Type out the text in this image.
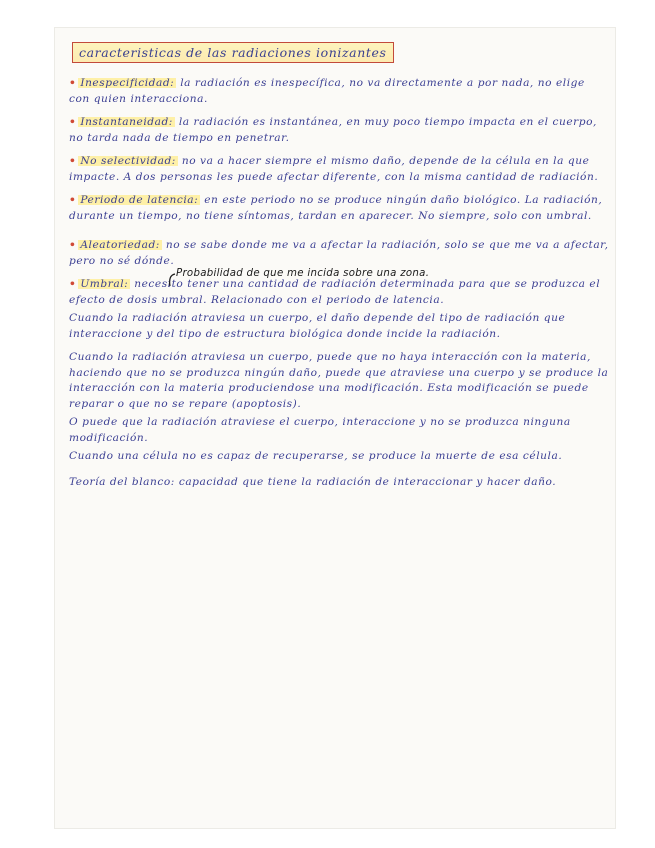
caracteristicas de las radiaciones ionizantes
• Inespecificidad: la radiación es inespecífica, no va directamente a por nada, no elige con quien interacciona.
• Instantaneidad: la radiación es instantánea, en muy poco tiempo impacta en el cuerpo, no tarda nada de tiempo en penetrar.
• No selectividad: no va a hacer siempre el mismo daño, depende de la célula en la que impacte. A dos personas les puede afectar diferente, con la misma cantidad de radiación.
• Periodo de latencia: en este periodo no se produce ningún daño biológico. La radiación, durante un tiempo, no tiene síntomas, tardan en aparecer. No siempre, solo con umbral.
• Aleatoriedad: no se sabe donde me va a afectar la radiación, solo se que me va a afectar, pero no sé dónde.
• Umbral: necesito tener una cantidad de radiación determinada para que se produzca el efecto de dosis umbral. Relacionado con el periodo de latencia.
Cuando la radiación atraviesa un cuerpo, el daño depende del tipo de radiación que interaccione y del tipo de estructura biológica donde incide la radiación.
Cuando la radiación atraviesa un cuerpo, puede que no haya interacción con la materia, haciendo que no se produzca ningún daño, puede que atraviese una cuerpo y se produce la interacción con la materia produciendose una modificación. Esta modificación se puede reparar o que no se repare (apoptosis).
O puede que la radiación atraviese el cuerpo, interaccione y no se produzca ninguna modificación.
Cuando una célula no es capaz de recuperarse, se produce la muerte de esa célula.
Teoría del blanco: capacidad que tiene la radiación de interaccionar y hacer daño.
Probabilidad de que me incida sobre una zona.
